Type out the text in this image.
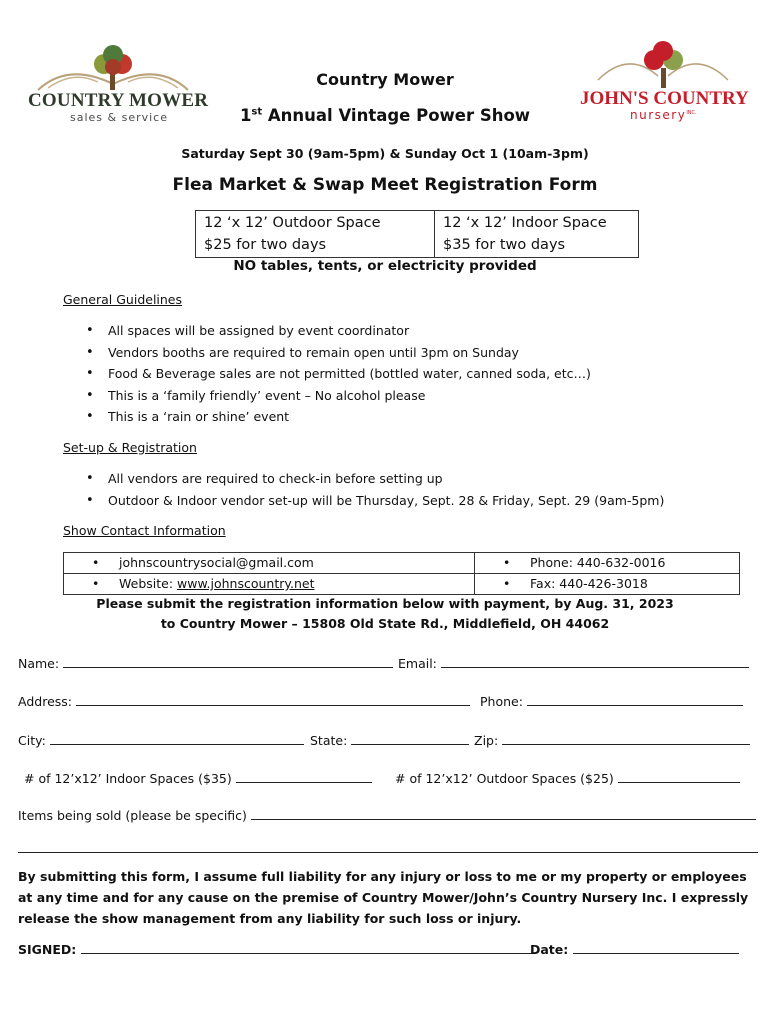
COUNTRY MOWER
sales & service
JOHN'S COUNTRY
nursery$^{INC.}$
Country Mower
1st Annual Vintage Power Show
Saturday Sept 30 (9am-5pm) & Sunday Oct 1 (10am-3pm)
Flea Market & Swap Meet Registration Form
12 ‘x 12’ Outdoor Space
$25 for two days

12 ‘x 12’ Indoor Space
$35 for two days
NO tables, tents, or electricity provided
General Guidelines
• All spaces will be assigned by event coordinator
• Vendors booths are required to remain open until 3pm on Sunday
• Food & Beverage sales are not permitted (bottled water, canned soda, etc…)
• This is a ‘family friendly’ event – No alcohol please
• This is a ‘rain or shine’ event
Set-up & Registration
• All vendors are required to check-in before setting up
• Outdoor & Indoor vendor set-up will be Thursday, Sept. 28 & Friday, Sept. 29 (9am-5pm)
Show Contact Information
• johnscountrysocial@gmail.com	• Phone: 440-632-0016

• Website: www.johnscountry.net	• Fax: 440-426-3018
Please submit the registration information below with payment, by Aug. 31, 2023
to Country Mower – 15808 Old State Rd., Middlefield, OH 44062
Name:	Email:
Address:	Phone:
City:	State:	Zip:
# of 12’x12’ Indoor Spaces ($35)	# of 12’x12’ Outdoor Spaces ($25)
Items being sold (please be specific)
By submitting this form, I assume full liability for any injury or loss to me or my property or employees at any time and for any cause on the premise of Country Mower/John’s Country Nursery Inc. I expressly release the show management from any liability for such loss or injury.
SIGNED:	Date:
